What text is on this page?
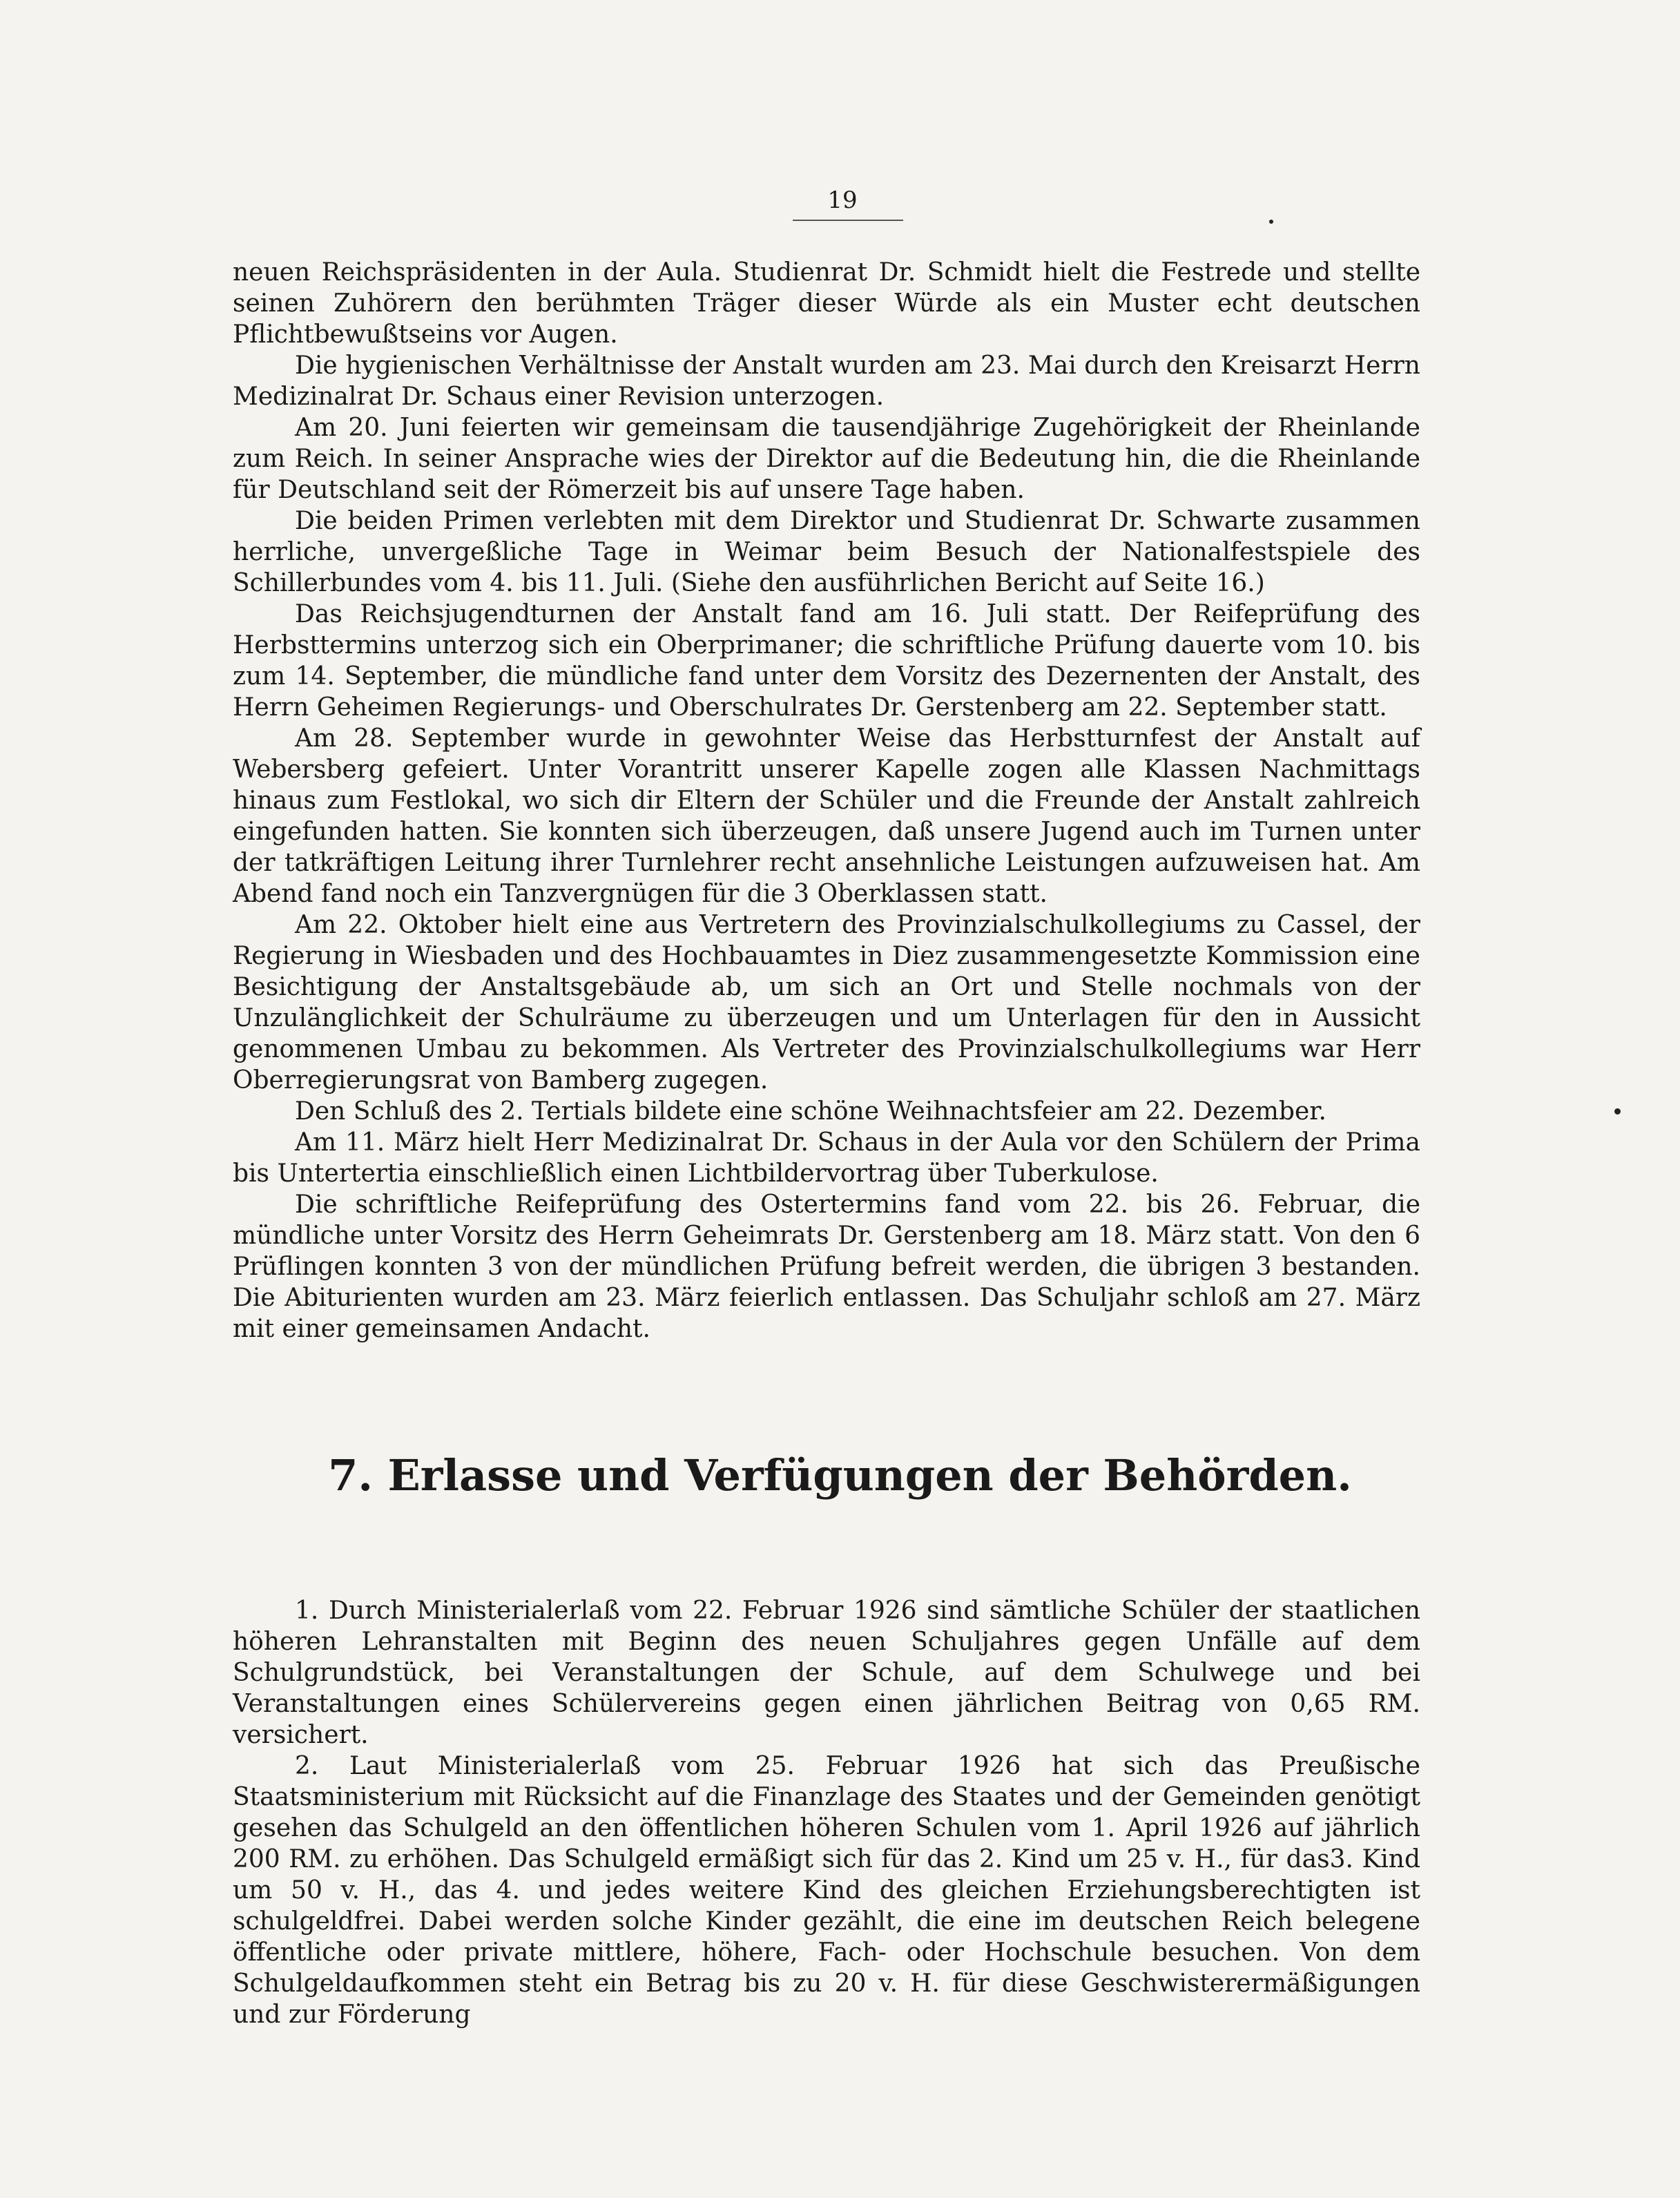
19

neuen Reichspräsidenten in der Aula. Studienrat Dr. Schmidt hielt die Festrede und stellte seinen Zuhörern den berühmten Träger dieser Würde als ein Muster echt deutschen Pflichtbewußtseins vor Augen.

Die hygienischen Verhältnisse der Anstalt wurden am 23. Mai durch den Kreisarzt Herrn Medizinalrat Dr. Schaus einer Revision unterzogen.

Am 20. Juni feierten wir gemeinsam die tausendjährige Zugehörigkeit der Rheinlande zum Reich. In seiner Ansprache wies der Direktor auf die Bedeutung hin, die die Rheinlande für Deutschland seit der Römerzeit bis auf unsere Tage haben.

Die beiden Primen verlebten mit dem Direktor und Studienrat Dr. Schwarte zusammen herrliche, unvergeßliche Tage in Weimar beim Besuch der Nationalfestspiele des Schillerbundes vom 4. bis 11. Juli. (Siehe den ausführlichen Bericht auf Seite 16.)

Das Reichsjugendturnen der Anstalt fand am 16. Juli statt. Der Reifeprüfung des Herbsttermins unterzog sich ein Oberprimaner; die schriftliche Prüfung dauerte vom 10. bis zum 14. September, die mündliche fand unter dem Vorsitz des Dezernenten der Anstalt, des Herrn Geheimen Regierungs- und Oberschulrates Dr. Gerstenberg am 22. September statt.

Am 28. September wurde in gewohnter Weise das Herbstturnfest der Anstalt auf Webersberg gefeiert. Unter Vorantritt unserer Kapelle zogen alle Klassen Nachmittags hinaus zum Festlokal, wo sich dir Eltern der Schüler und die Freunde der Anstalt zahlreich eingefunden hatten. Sie konnten sich überzeugen, daß unsere Jugend auch im Turnen unter der tatkräftigen Leitung ihrer Turnlehrer recht ansehnliche Leistungen aufzuweisen hat. Am Abend fand noch ein Tanzvergnügen für die 3 Oberklassen statt.

Am 22. Oktober hielt eine aus Vertretern des Provinzialschulkollegiums zu Cassel, der Regierung in Wiesbaden und des Hochbauamtes in Diez zusammengesetzte Kommission eine Besichtigung der Anstaltsgebäude ab, um sich an Ort und Stelle nochmals von der Unzulänglichkeit der Schulräume zu überzeugen und um Unterlagen für den in Aussicht genommenen Umbau zu bekommen. Als Vertreter des Provinzialschulkollegiums war Herr Oberregierungsrat von Bamberg zugegen.

Den Schluß des 2. Tertials bildete eine schöne Weihnachtsfeier am 22. Dezember.

Am 11. März hielt Herr Medizinalrat Dr. Schaus in der Aula vor den Schülern der Prima bis Untertertia einschließlich einen Lichtbildervortrag über Tuberkulose.

Die schriftliche Reifeprüfung des Ostertermins fand vom 22. bis 26. Februar, die mündliche unter Vorsitz des Herrn Geheimrats Dr. Gerstenberg am 18. März statt. Von den 6 Prüflingen konnten 3 von der mündlichen Prüfung befreit werden, die übrigen 3 bestanden. Die Abiturienten wurden am 23. März feierlich entlassen. Das Schuljahr schloß am 27. März mit einer gemeinsamen Andacht.

7. Erlasse und Verfügungen der Behörden.

1. Durch Ministerialerlaß vom 22. Februar 1926 sind sämtliche Schüler der staatlichen höheren Lehranstalten mit Beginn des neuen Schuljahres gegen Unfälle auf dem Schulgrundstück, bei Veranstaltungen der Schule, auf dem Schulwege und bei Veranstaltungen eines Schülervereins gegen einen jährlichen Beitrag von 0,65 RM. versichert.

2. Laut Ministerialerlaß vom 25. Februar 1926 hat sich das Preußische Staatsministerium mit Rücksicht auf die Finanzlage des Staates und der Gemeinden genötigt gesehen das Schulgeld an den öffentlichen höheren Schulen vom 1. April 1926 auf jährlich 200 RM. zu erhöhen. Das Schulgeld ermäßigt sich für das 2. Kind um 25 v. H., für das3. Kind um 50 v. H., das 4. und jedes weitere Kind des gleichen Erziehungsberechtigten ist schulgeldfrei. Dabei werden solche Kinder gezählt, die eine im deutschen Reich belegene öffentliche oder private mittlere, höhere, Fach- oder Hochschule besuchen. Von dem Schulgeldaufkommen steht ein Betrag bis zu 20 v. H. für diese Geschwisterermäßigungen und zur Förderung
